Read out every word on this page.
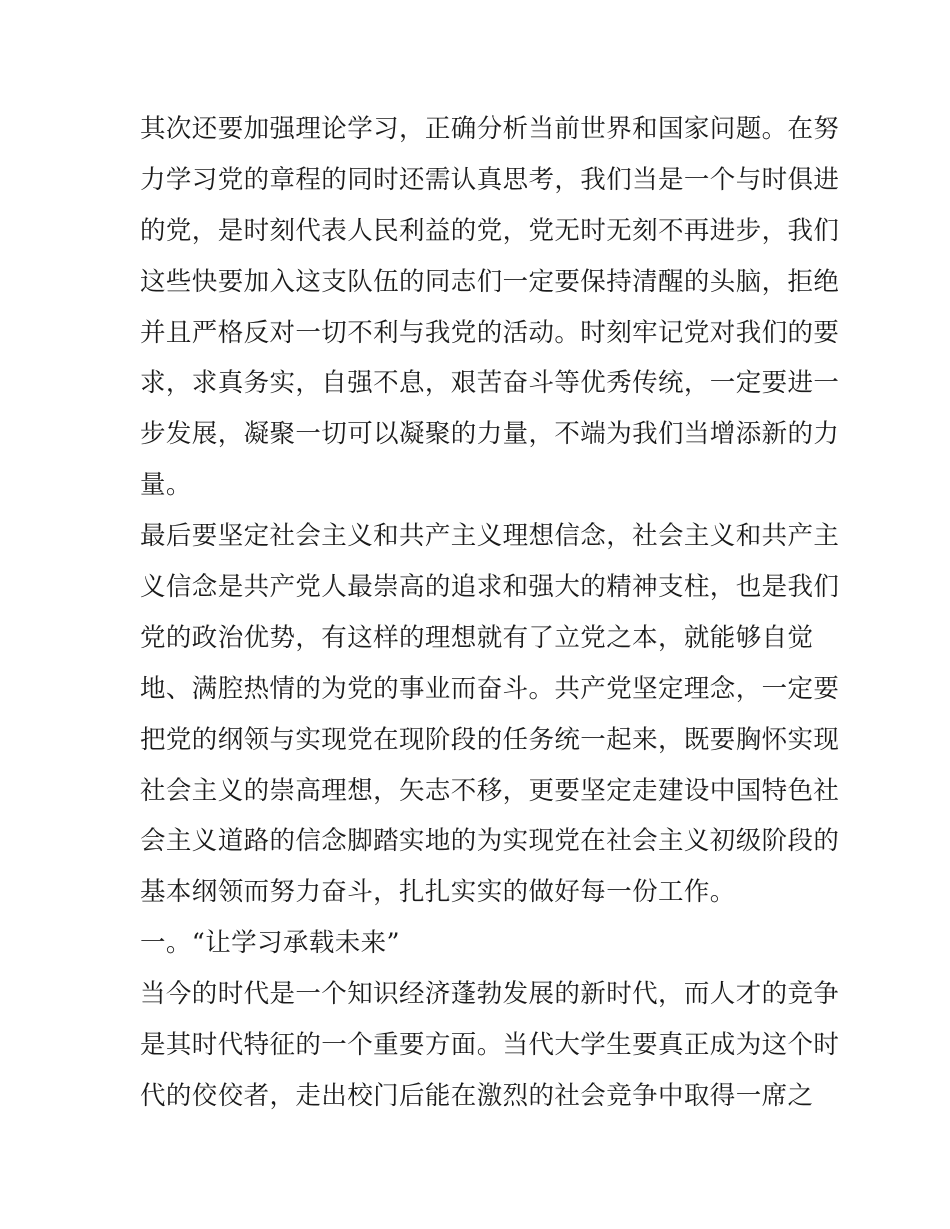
其次还要加强理论学习，正确分析当前世界和国家问题。在努
力学习党的章程的同时还需认真思考，我们当是一个与时俱进
的党，是时刻代表人民利益的党，党无时无刻不再进步，我们
这些快要加入这支队伍的同志们一定要保持清醒的头脑，拒绝
并且严格反对一切不利与我党的活动。时刻牢记党对我们的要
求，求真务实，自强不息，艰苦奋斗等优秀传统，一定要进一
步发展，凝聚一切可以凝聚的力量，不端为我们当增添新的力
量。
最后要坚定社会主义和共产主义理想信念，社会主义和共产主
义信念是共产党人最崇高的追求和强大的精神支柱，也是我们
党的政治优势，有这样的理想就有了立党之本，就能够自觉
地、满腔热情的为党的事业而奋斗。共产党坚定理念，一定要
把党的纲领与实现党在现阶段的任务统一起来，既要胸怀实现
社会主义的崇高理想，矢志不移，更要坚定走建设中国特色社
会主义道路的信念脚踏实地的为实现党在社会主义初级阶段的
基本纲领而努力奋斗，扎扎实实的做好每一份工作。
一。“让学习承载未来”
当今的时代是一个知识经济蓬勃发展的新时代，而人才的竞争
是其时代特征的一个重要方面。当代大学生要真正成为这个时
代的佼佼者，走出校门后能在激烈的社会竞争中取得一席之
